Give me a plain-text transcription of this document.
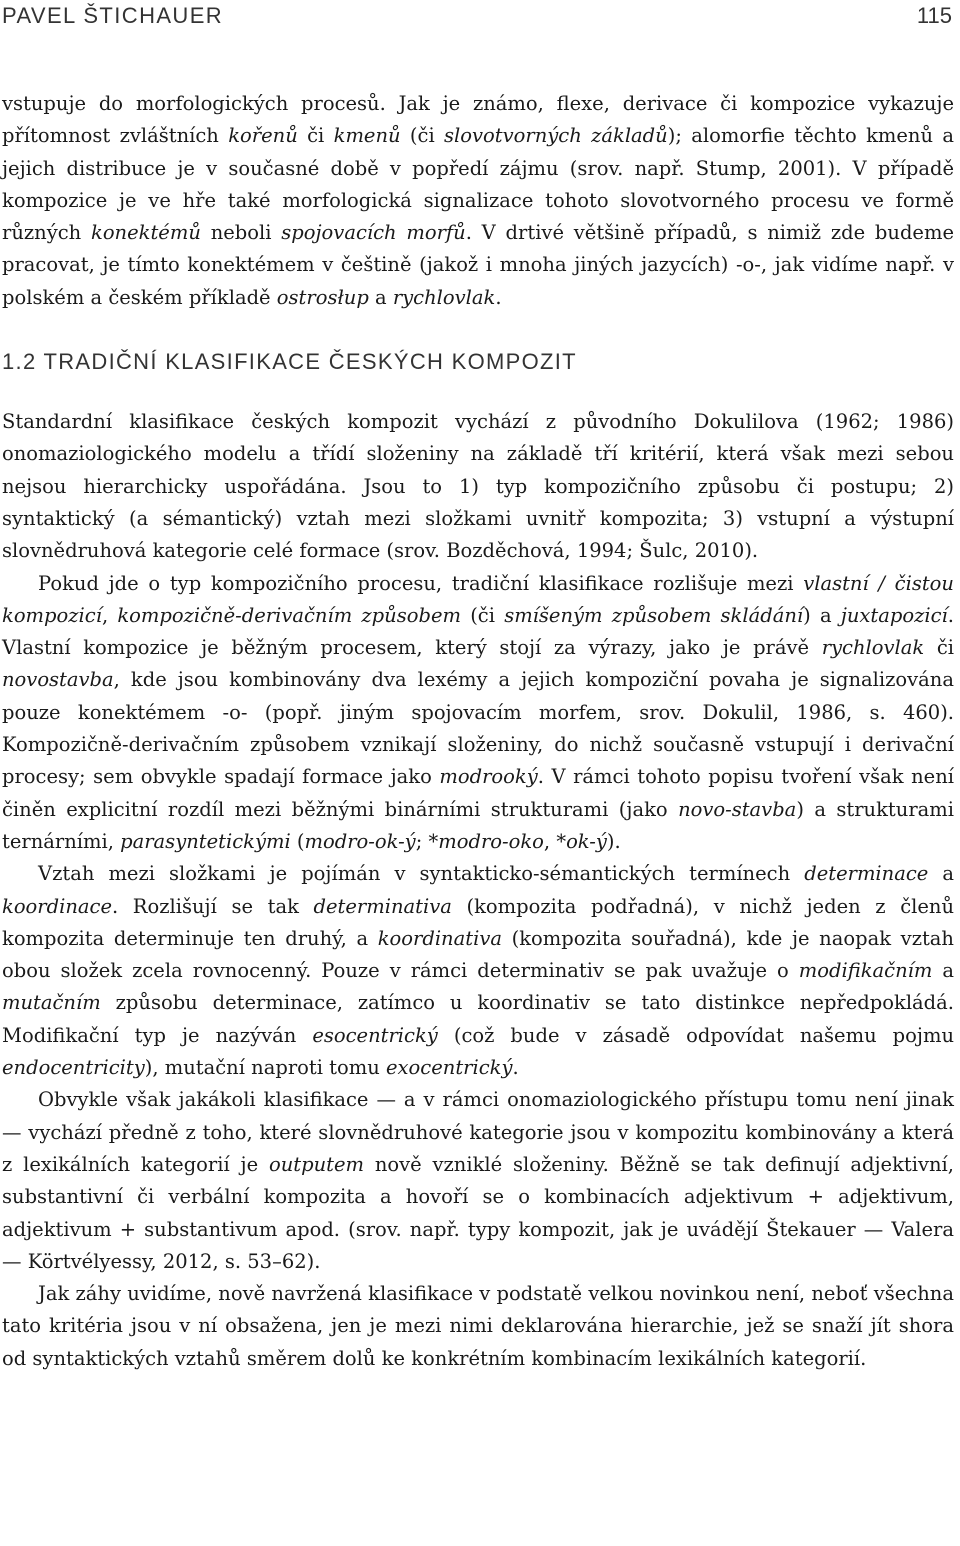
PAVEL ŠTICHAUER	115

vstupuje do morfologických procesů. Jak je známo, flexe, derivace či kompozice vykazuje přítomnost zvláštních kořenů či kmenů (či slovotvorných základů); alomorfie těchto kmenů a jejich distribuce je v současné době v popředí zájmu (srov. např. Stump, 2001). V případě kompozice je ve hře také morfologická signalizace tohoto slovotvorného procesu ve formě různých konektémů neboli spojovacích morfů. V drtivé většině případů, s nimiž zde budeme pracovat, je tímto konektémem v češtině (jakož i mnoha jiných jazycích) -o-, jak vidíme např. v polském a českém příkladě ostrosłup a rychlovlak.

1.2 TRADIČNÍ KLASIFIKACE ČESKÝCH KOMPOZIT

Standardní klasifikace českých kompozit vychází z původního Dokulilova (1962; 1986) onomaziologického modelu a třídí složeniny na základě tří kritérií, která však mezi sebou nejsou hierarchicky uspořádána. Jsou to 1) typ kompozičního způsobu či postupu; 2) syntaktický (a sémantický) vztah mezi složkami uvnitř kompozita; 3) vstupní a výstupní slovnědruhová kategorie celé formace (srov. Bozděchová, 1994; Šulc, 2010).

Pokud jde o typ kompozičního procesu, tradiční klasifikace rozlišuje mezi vlastní / čistou kompozicí, kompozičně-derivačním způsobem (či smíšeným způsobem skládání) a juxtapozicí. Vlastní kompozice je běžným procesem, který stojí za výrazy, jako je právě rychlovlak či novostavba, kde jsou kombinovány dva lexémy a jejich kompoziční povaha je signalizována pouze konektémem -o- (popř. jiným spojovacím morfem, srov. Dokulil, 1986, s. 460). Kompozičně-derivačním způsobem vznikají složeniny, do nichž současně vstupují i derivační procesy; sem obvykle spadají formace jako modrooký. V rámci tohoto popisu tvoření však není činěn explicitní rozdíl mezi běžnými binárními strukturami (jako novo-stavba) a strukturami ternárními, parasyntetickými (modro-ok-ý; *modro-oko, *ok-ý).

Vztah mezi složkami je pojímán v syntakticko-sémantických termínech determinace a koordinace. Rozlišují se tak determinativa (kompozita podřadná), v nichž jeden z členů kompozita determinuje ten druhý, a koordinativa (kompozita souřadná), kde je naopak vztah obou složek zcela rovnocenný. Pouze v rámci determinativ se pak uvažuje o modifikačním a mutačním způsobu determinace, zatímco u koordinativ se tato distinkce nepředpokládá. Modifikační typ je nazýván esocentrický (což bude v zásadě odpovídat našemu pojmu endocentricity), mutační naproti tomu exocentrický.

Obvykle však jakákoli klasifikace — a v rámci onomaziologického přístupu tomu není jinak — vychází předně z toho, které slovnědruhové kategorie jsou v kompozitu kombinovány a která z lexikálních kategorií je outputem nově vzniklé složeniny. Běžně se tak definují adjektivní, substantivní či verbální kompozita a hovoří se o kombinacích adjektivum + adjektivum, adjektivum + substantivum apod. (srov. např. typy kompozit, jak je uvádějí Štekauer — Valera — Körtvélyessy, 2012, s. 53–62).

Jak záhy uvidíme, nově navržená klasifikace v podstatě velkou novinkou není, neboť všechna tato kritéria jsou v ní obsažena, jen je mezi nimi deklarována hierarchie, jež se snaží jít shora od syntaktických vztahů směrem dolů ke konkrétním kombinacím lexikálních kategorií.
